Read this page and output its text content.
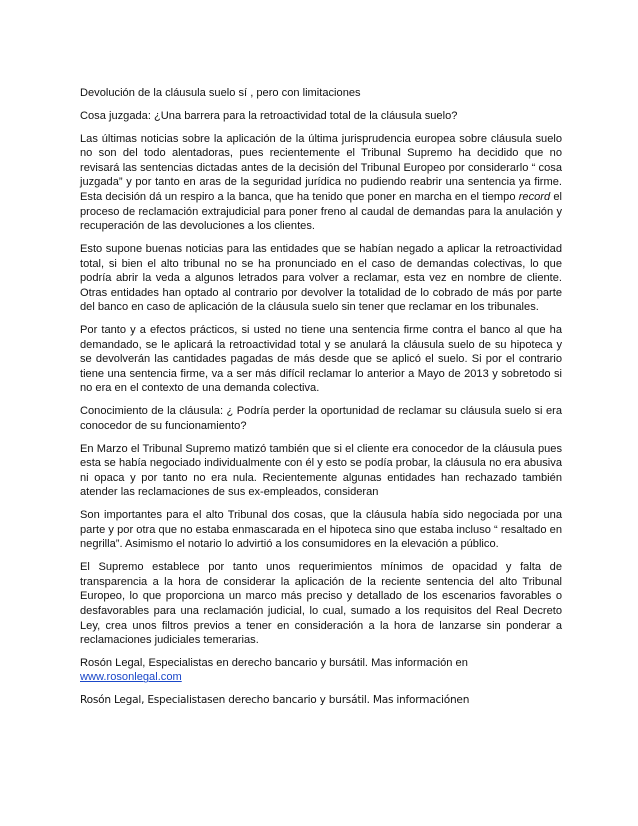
Devolución de la cláusula suelo sí , pero con limitaciones

Cosa juzgada: ¿Una barrera para la retroactividad total de la cláusula suelo?

Las últimas noticias sobre la aplicación de la última jurisprudencia europea sobre cláusula suelo no son del todo alentadoras, pues recientemente el Tribunal Supremo ha decidido que no revisará las sentencias dictadas antes de la decisión del Tribunal Europeo por considerarlo “ cosa juzgada” y por tanto en aras de la seguridad jurídica no pudiendo reabrir una sentencia ya firme. Esta decisión dá un respiro a la banca, que ha tenido que poner en marcha en el tiempo record el proceso de reclamación extrajudicial para poner freno al caudal de demandas para la anulación y recuperación de las devoluciones a los clientes.

Esto supone buenas noticias para las entidades que se habían negado a aplicar la retroactividad total, si bien el alto tribunal no se ha pronunciado en el caso de demandas colectivas, lo que podría abrir la veda a algunos letrados para volver a reclamar, esta vez en nombre de cliente. Otras entidades han optado al contrario por devolver la totalidad de lo cobrado de más por parte del banco en caso de aplicación de la cláusula suelo sin tener que reclamar en los tribunales.

Por tanto y a efectos prácticos, si usted no tiene una sentencia firme contra el banco al que ha demandado, se le aplicará la retroactividad total y se anulará la cláusula suelo de su hipoteca y se devolverán las cantidades pagadas de más desde que se aplicó el suelo. Si por el contrario tiene una sentencia firme, va a ser más difícil reclamar lo anterior a Mayo de 2013 y sobretodo si no era en el contexto de una demanda colectiva.

Conocimiento de la cláusula: ¿ Podría perder la oportunidad de reclamar su cláusula suelo si era conocedor de su funcionamiento?

En Marzo el Tribunal Supremo matizó también que si el cliente era conocedor de la cláusula pues esta se había negociado individualmente con él y esto se podía probar, la cláusula no era abusiva ni opaca y por tanto no era nula. Recientemente algunas entidades han rechazado también atender las reclamaciones de sus ex-empleados, consideran

Son importantes para el alto Tribunal dos cosas, que la cláusula había sido negociada por una parte y por otra que no estaba enmascarada en el hipoteca sino que estaba incluso “ resaltado en negrilla”. Asimismo el notario lo advirtió a los consumidores en la elevación a público.

El Supremo establece por tanto unos requerimientos mínimos de opacidad y falta de transparencia a la hora de considerar la aplicación de la reciente sentencia del alto Tribunal Europeo, lo que proporciona un marco más preciso y detallado de los escenarios favorables o desfavorables para una reclamación judicial, lo cual, sumado a los requisitos del Real Decreto Ley, crea unos filtros previos a tener en consideración a la hora de lanzarse sin ponderar a reclamaciones judiciales temerarias.

Rosón Legal, Especialistas en derecho bancario y bursátil. Mas información en
www.rosonlegal.com

Rosón Legal, Especialistasen derecho bancario y bursátil. Mas informaciónen
